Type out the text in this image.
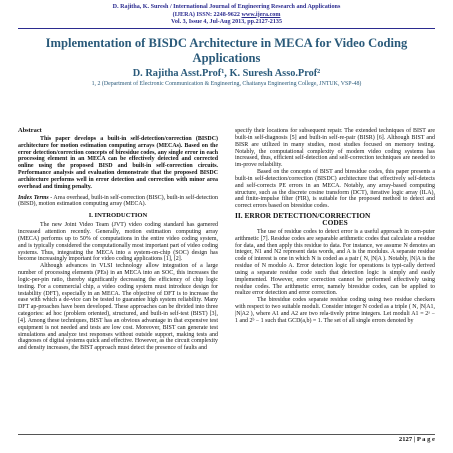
D. Rajitha, K. Suresh / International Journal of Engineering Research and Applications
(IJERA) ISSN: 2248-9622 www.ijera.com
Vol. 3, Issue 4, Jul-Aug 2013, pp.2127-2135
Implementation of BISDC Architecture in MECA for Video Coding Applications
D. Rajitha Asst.Prof¹, K. Suresh Asso.Prof²
1, 2 (Department of Electronic Communication & Engineering, Chaitanya Engineering College, JNTUK, VSP-48)
Abstract

This paper develops a built-in self-detection/correction (BISDC) architecture for motion estimation computing arrays (MECAs). Based on the error detection/correction concepts of biresidue codes, any single error in each processing element in an MECA can be effectively detected and corrected online using the proposed BISD and built-in self-correction circuits. Performance analysis and evaluation demonstrate that the proposed BISDC architecture performs well in error detection and correction with minor area overhead and timing penalty.

Index Terms - Area overhead, built-in self-correction (BISC), built-in self-detection (BISD), motion estimation computing array (MECA).

I. INTRODUCTION

The new Joint Video Team (JVT) video coding standard has garnered increased attention recently. Generally, motion estimation computing array (MECA) performs up to 50% of computations in the entire video coding system, and is typically considered the computationally most important part of video coding systems. Thus, integrating the MECA into a system-on-chip (SOC) design has become increasingly important for video coding applications [1], [2].

Although advances in VLSI technology allow integration of a large number of processing elements (PEs) in an MECA into an SOC, this increases the logic-per-pin ratio, thereby significantly decreasing the efficiency of chip logic testing. For a commercial chip, a video coding system must introduce design for testability (DFT), especially in an MECA. The objective of DFT is to increase the ease with which a de-vice can be tested to guarantee high system reliability. Many DFT ap-proaches have been developed. These approaches can be divided into three categories: ad hoc (problem oriented), structured, and built-in self-test (BIST) [3], [4]. Among these techniques, BIST has an obvious advantage in that expensive test equipment is not needed and tests are low cost. Moreover, BIST can generate test simulations and analyze test responses without outside support, making tests and diagnoses of digital systems quick and effective. However, as the circuit complexity and density increases, the BIST approach must detect the presence of faults and

specify their locations for subsequent repair. The extended techniques of BIST are built-in self-diagnosis [5] and built-in self-re-pair (BISR) [6]. Although BIST and BISR are utilized in many studies, most studies focused on memory testing. Notably, the computational complexity of modern video coding systems has increased, thus, efficient self-detection and self-correction techniques are needed to im-prove reliability.

Based on the concepts of BIST and biresidue codes, this paper presents a built-in self-detection/correction (BISDC) architecture that effectively self-detects and self-corrects PE errors in an MECA. Notably, any array-based computing structure, such as the discrete cosine transform (DCT), iterative logic array (ILA), and finite-impulse filter (FIR), is suitable for the proposed method to detect and correct errors based on biresidue codes.

II. ERROR DETECTION/CORRECTION
CODES

The use of residue codes to detect error is a useful approach in com-puter arithmetic [7]. Residue codes are separable arithmetic codes that calculate a residue for data, and then apply this residue to data. For instance, we assume N denotes an integer, N1 and N2 represent data words, and A is the modulus. A separate residue code of interest is one in which N is coded as a pair ( N, |N|A ). Notably, |N|A is the residue of N modulo A. Error detection logic for operations is typi-cally derived using a separate residue code such that detection logic is simply and easily implemented. However, error correction cannot be performed effectively using residue codes. The arithmetic error, namely biresidue codes, can be applied to realize error detection and error correction.

The biresidue codes separate residue coding using two residue checkers with respect to two suitable moduli. Consider integer N coded as a triple ( N, |N|A1, |N|A2 ), where A1 and A2 are two rela-tively prime integers. Let moduli A1 = 2ᵃ − 1 and 2ᵇ − 1 such that GCD(a,b) = 1. The set of all single errors denoted by

2127 | P a g e
